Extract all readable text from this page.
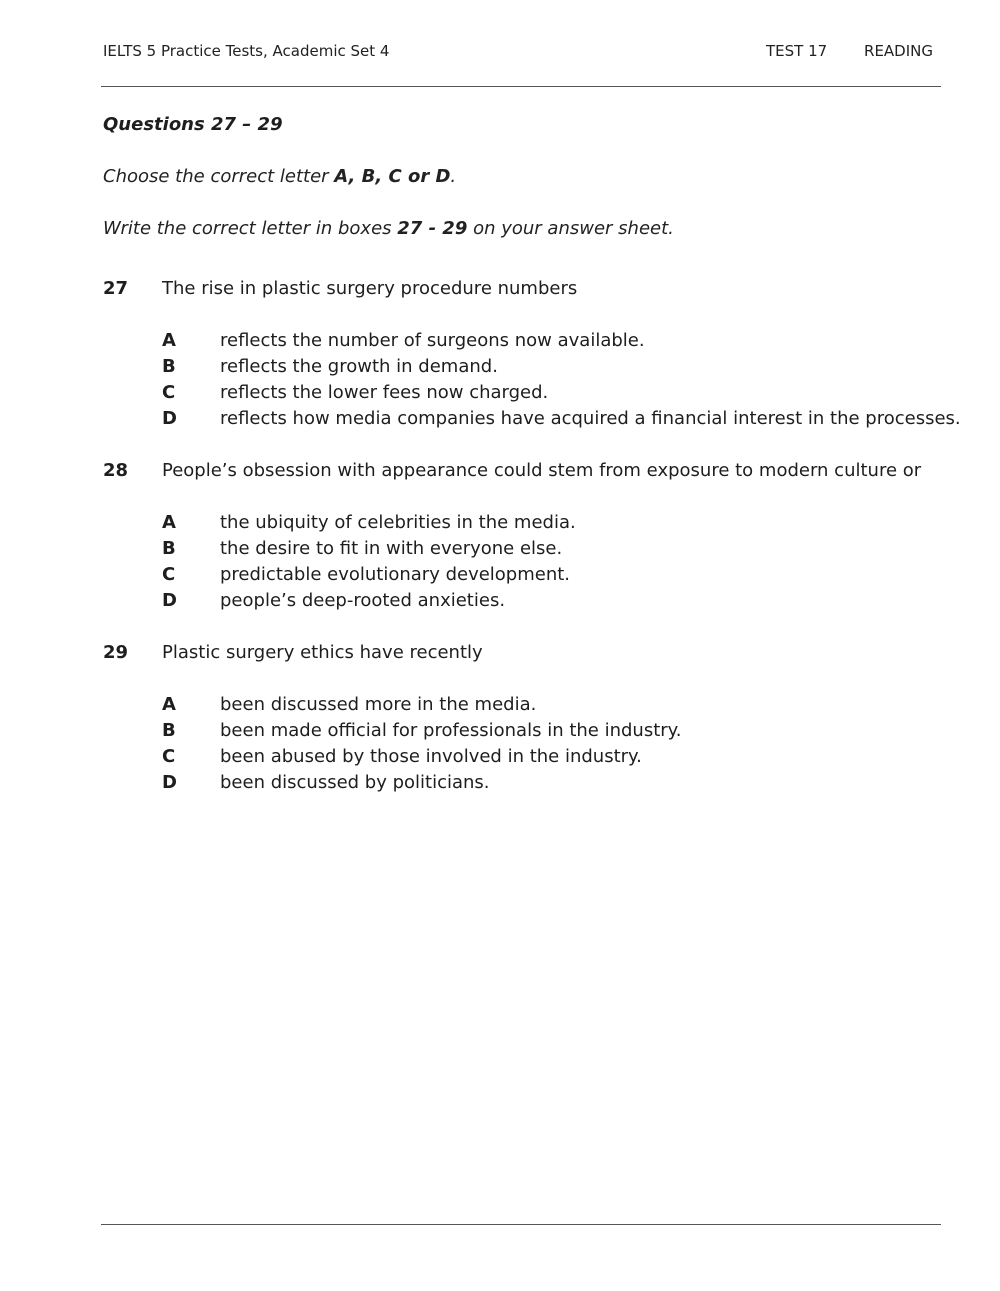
IELTS 5 Practice Tests, Academic Set 4	TEST 17 READING
Questions 27 – 29
Choose the correct letter A, B, C or D.
Write the correct letter in boxes 27 - 29 on your answer sheet.
27 The rise in plastic surgery procedure numbers
A reflects the number of surgeons now available.
B reflects the growth in demand.
C reflects the lower fees now charged.
D reflects how media companies have acquired a financial interest in the processes.
28 People’s obsession with appearance could stem from exposure to modern culture or
A the ubiquity of celebrities in the media.
B the desire to fit in with everyone else.
C predictable evolutionary development.
D people’s deep-rooted anxieties.
29 Plastic surgery ethics have recently
A been discussed more in the media.
B been made official for professionals in the industry.
C been abused by those involved in the industry.
D been discussed by politicians.
